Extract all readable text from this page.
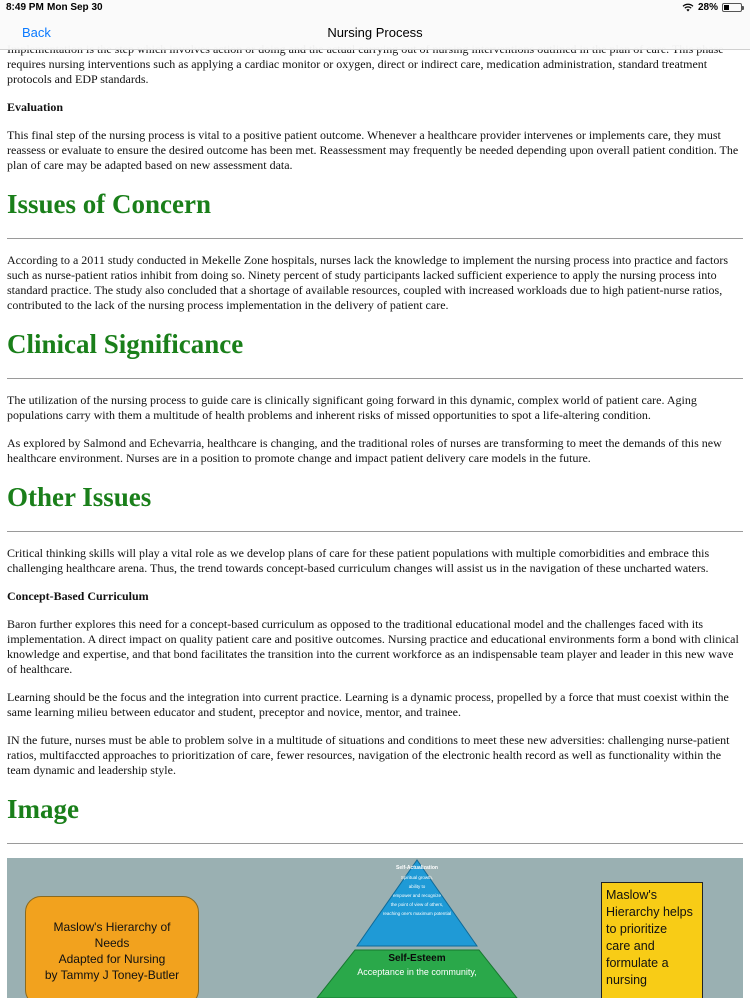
8:49 PM Mon Sep 30	28%
Back	Nursing Process

requires nursing interventions such as applying a cardiac monitor or oxygen, direct or indirect care, medication administration, standard treatment protocols and EDP standards.

Evaluation

This final step of the nursing process is vital to a positive patient outcome. Whenever a healthcare provider intervenes or implements care, they must reassess or evaluate to ensure the desired outcome has been met. Reassessment may frequently be needed depending upon overall patient condition. The plan of care may be adapted based on new assessment data.

Issues of Concern

According to a 2011 study conducted in Mekelle Zone hospitals, nurses lack the knowledge to implement the nursing process into practice and factors such as nurse-patient ratios inhibit from doing so. Ninety percent of study participants lacked sufficient experience to apply the nursing process into standard practice. The study also concluded that a shortage of available resources, coupled with increased workloads due to high patient-nurse ratios, contributed to the lack of the nursing process implementation in the delivery of patient care.

Clinical Significance

The utilization of the nursing process to guide care is clinically significant going forward in this dynamic, complex world of patient care. Aging populations carry with them a multitude of health problems and inherent risks of missed opportunities to spot a life-altering condition.

As explored by Salmond and Echevarria, healthcare is changing, and the traditional roles of nurses are transforming to meet the demands of this new healthcare environment. Nurses are in a position to promote change and impact patient delivery care models in the future.

Other Issues

Critical thinking skills will play a vital role as we develop plans of care for these patient populations with multiple comorbidities and embrace this challenging healthcare arena. Thus, the trend towards concept-based curriculum changes will assist us in the navigation of these uncharted waters.

Concept-Based Curriculum

Baron further explores this need for a concept-based curriculum as opposed to the traditional educational model and the challenges faced with its implementation. A direct impact on quality patient care and positive outcomes. Nursing practice and educational environments form a bond with clinical knowledge and expertise, and that bond facilitates the transition into the current workforce as an indispensable team player and leader in this new wave of healthcare.

Learning should be the focus and the integration into current practice. Learning is a dynamic process, propelled by a force that must coexist within the same learning milieu between educator and student, preceptor and novice, mentor, and trainee.

IN the future, nurses must be able to problem solve in a multitude of situations and conditions to meet these new adversities: challenging nurse-patient ratios, multifaccted approaches to prioritization of care, fewer resources, navigation of the electronic health record as well as functionality within the team dynamic and leadership style.

Image
Self-Actualization
Spiritual growth,
ability to
empower and recognize
the point of view of others,
reaching one's maximum potential
Self-Esteem
Acceptance in the community,
Maslow's Hierarchy of
Needs
Adapted for Nursing
by Tammy J Toney-Butler
Maslow's
Hierarchy helps
to prioritize
care and
formulate a
nursing
